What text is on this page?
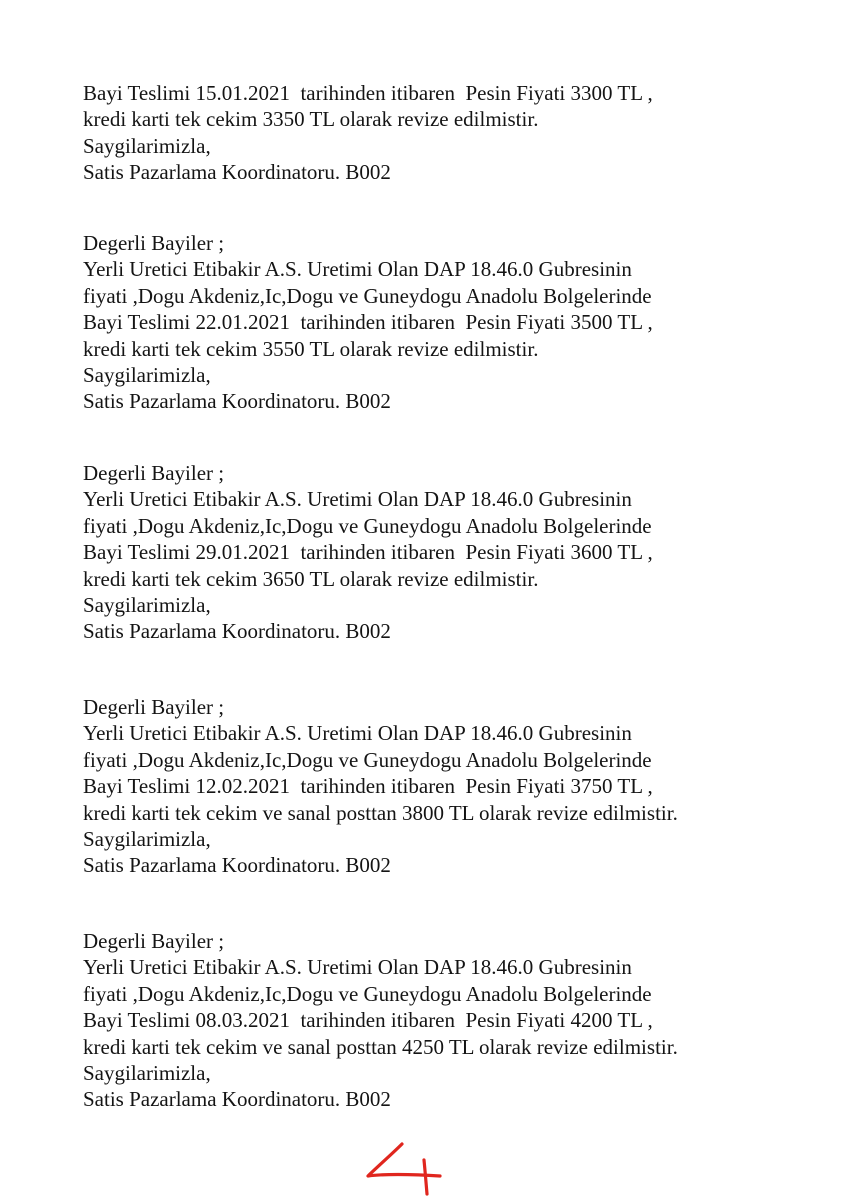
Bayi Teslimi 15.01.2021  tarihinden itibaren  Pesin Fiyati 3300 TL ,
kredi karti tek cekim 3350 TL olarak revize edilmistir.
Saygilarimizla,
Satis Pazarlama Koordinatoru. B002
Degerli Bayiler ;
Yerli Uretici Etibakir A.S. Uretimi Olan DAP 18.46.0 Gubresinin
fiyati ,Dogu Akdeniz,Ic,Dogu ve Guneydogu Anadolu Bolgelerinde
Bayi Teslimi 22.01.2021  tarihinden itibaren  Pesin Fiyati 3500 TL ,
kredi karti tek cekim 3550 TL olarak revize edilmistir.
Saygilarimizla,
Satis Pazarlama Koordinatoru. B002
Degerli Bayiler ;
Yerli Uretici Etibakir A.S. Uretimi Olan DAP 18.46.0 Gubresinin
fiyati ,Dogu Akdeniz,Ic,Dogu ve Guneydogu Anadolu Bolgelerinde
Bayi Teslimi 29.01.2021  tarihinden itibaren  Pesin Fiyati 3600 TL ,
kredi karti tek cekim 3650 TL olarak revize edilmistir.
Saygilarimizla,
Satis Pazarlama Koordinatoru. B002
Degerli Bayiler ;
Yerli Uretici Etibakir A.S. Uretimi Olan DAP 18.46.0 Gubresinin
fiyati ,Dogu Akdeniz,Ic,Dogu ve Guneydogu Anadolu Bolgelerinde
Bayi Teslimi 12.02.2021  tarihinden itibaren  Pesin Fiyati 3750 TL ,
kredi karti tek cekim ve sanal posttan 3800 TL olarak revize edilmistir.
Saygilarimizla,
Satis Pazarlama Koordinatoru. B002
Degerli Bayiler ;
Yerli Uretici Etibakir A.S. Uretimi Olan DAP 18.46.0 Gubresinin
fiyati ,Dogu Akdeniz,Ic,Dogu ve Guneydogu Anadolu Bolgelerinde
Bayi Teslimi 08.03.2021  tarihinden itibaren  Pesin Fiyati 4200 TL ,
kredi karti tek cekim ve sanal posttan 4250 TL olarak revize edilmistir.
Saygilarimizla,
Satis Pazarlama Koordinatoru. B002
